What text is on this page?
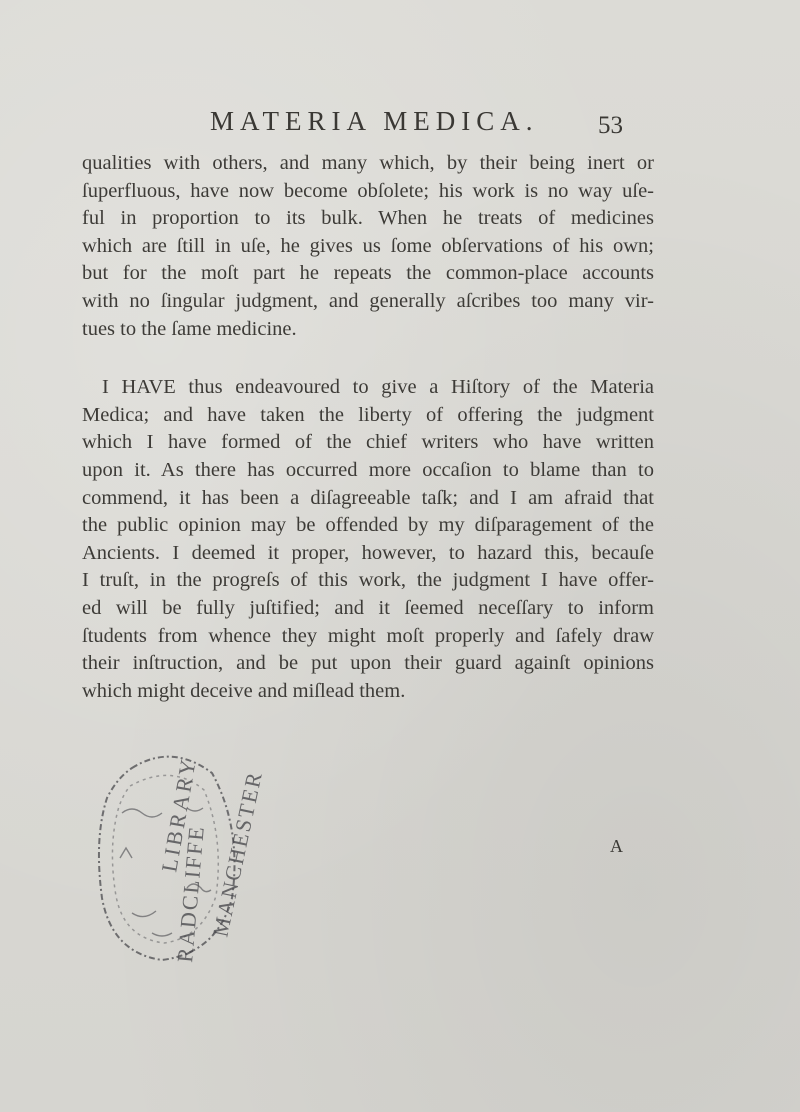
MATERIA MEDICA. 53
qualities with others, and many which, by their being inert or
ſuperfluous, have now become obſolete; his work is no way uſe-
ful in proportion to its bulk. When he treats of medicines
which are ſtill in uſe, he gives us ſome obſervations of his own;
but for the moſt part he repeats the common-place accounts
with no ſingular judgment, and generally aſcribes too many vir-
tues to the ſame medicine.
I HAVE thus endeavoured to give a Hiſtory of the Materia
Medica; and have taken the liberty of offering the judgment
which I have formed of the chief writers who have written
upon it. As there has occurred more occaſion to blame than to
commend, it has been a diſagreeable taſk; and I am afraid that
the public opinion may be offended by my diſparagement of the
Ancients. I deemed it proper, however, to hazard this, becauſe
I truſt, in the progreſs of this work, the judgment I have offer-
ed will be fully juſtified; and it ſeemed neceſſary to inform
ſtudents from whence they might moſt properly and ſafely draw
their inſtruction, and be put upon their guard againſt opinions
which might deceive and miſlead them.
LIBRARY
RADCLIFFE
MANCHESTER	A
